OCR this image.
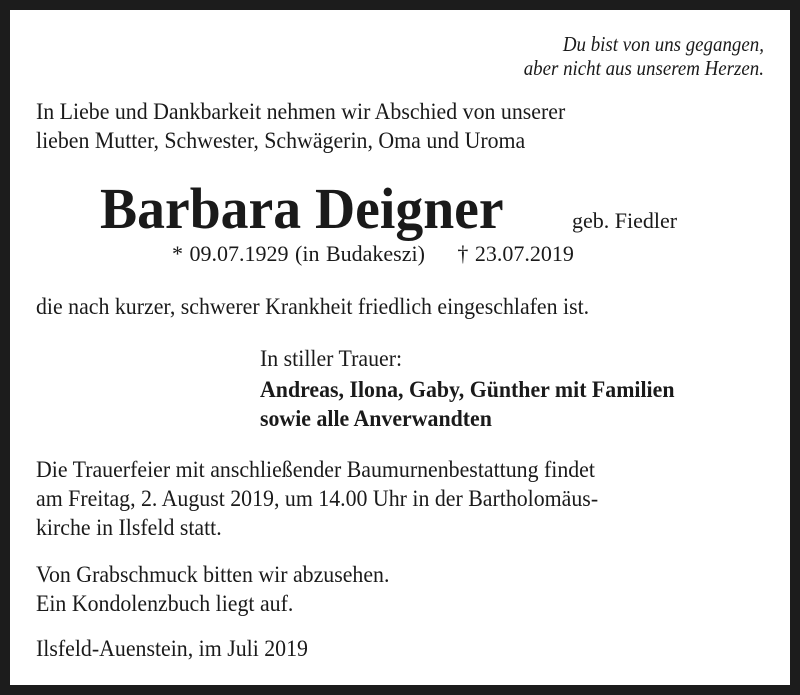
Du bist von uns gegangen,
aber nicht aus unserem Herzen.
In Liebe und Dankbarkeit nehmen wir Abschied von unserer
lieben Mutter, Schwester, Schwägerin, Oma und Uroma
Barbara Deigner	geb. Fiedler
* 09.07.1929 (in Budakeszi)     † 23.07.2019
die nach kurzer, schwerer Krankheit friedlich eingeschlafen ist.
In stiller Trauer:
Andreas, Ilona, Gaby, Günther mit Familien
sowie alle Anverwandten
Die Trauerfeier mit anschließender Baumurnenbestattung findet
am Freitag, 2. August 2019, um 14.00 Uhr in der Bartholomäus-
kirche in Ilsfeld statt.
Von Grabschmuck bitten wir abzusehen.
Ein Kondolenzbuch liegt auf.
Ilsfeld-Auenstein, im Juli 2019
